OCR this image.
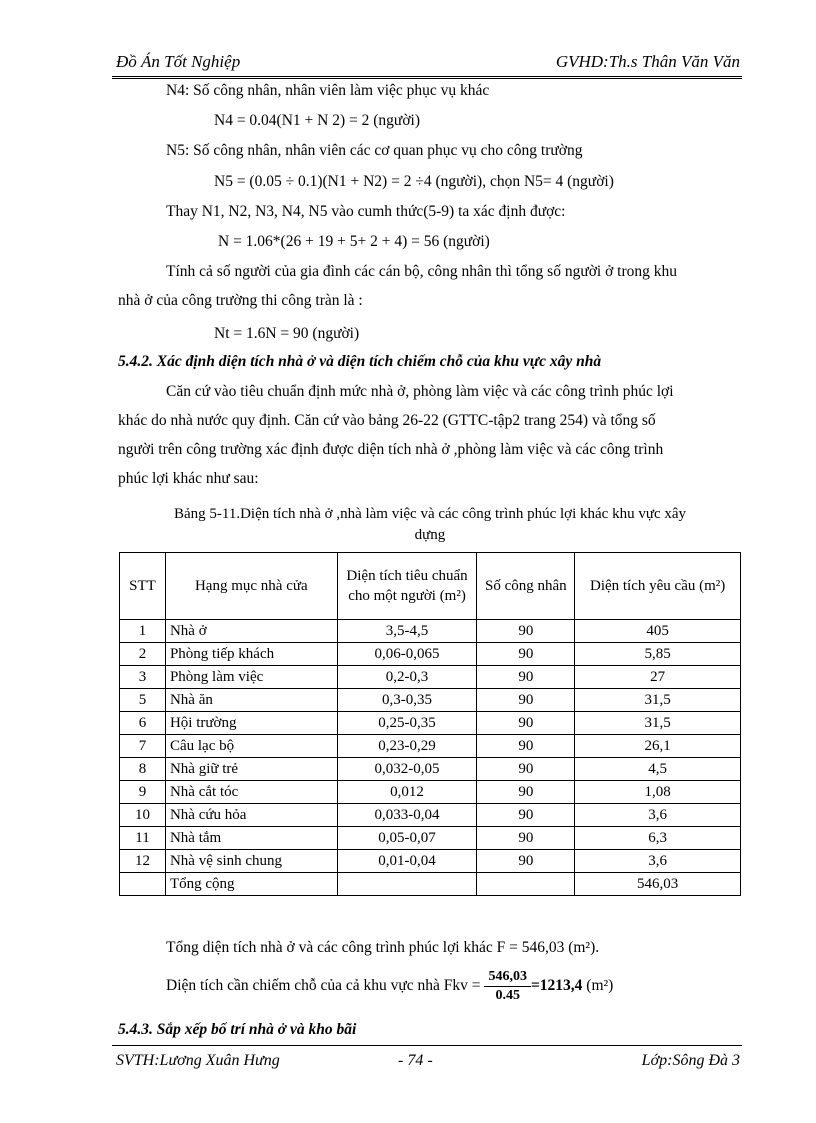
Đồ Án Tốt Nghiệp	GVHD:Th.s Thân Văn Văn
N4: Số công nhân, nhân viên làm việc phục vụ khác
N4 = 0.04(N1 + N 2) = 2 (người)
N5: Số công nhân, nhân viên các cơ quan phục vụ cho công trường
N5 = (0.05 ÷ 0.1)(N1 + N2) = 2 ÷4 (người), chọn N5= 4 (người)
Thay N1, N2, N3, N4, N5 vào cumh thức(5-9) ta xác định được:
N = 1.06*(26 + 19 + 5+ 2 + 4) = 56 (người)
Tính cả số người của gia đình các cán bộ, công nhân thì tổng số người ở trong khu
nhà ở của công trường thi công tràn là :
Nt = 1.6N = 90 (người)
5.4.2. Xác định diện tích nhà ở và diện tích chiếm chỗ của khu vực xây nhà
Căn cứ vào tiêu chuẩn định mức nhà ở, phòng làm việc và các công trình phúc lợi
khác do nhà nước quy định. Căn cứ vào bảng 26-22 (GTTC-tập2 trang 254) và tổng số
người trên công trường xác định được diện tích nhà ở ,phòng làm việc và các công trình
phúc lợi khác như sau:
Bảng 5-11.Diện tích nhà ở ,nhà làm việc và các công trình phúc lợi khác khu vực xây
dựng
STT	Hạng mục nhà cửa	Diện tích tiêu chuẩn cho một người (m²)	Số công nhân	Diện tích yêu cầu (m²)
1	Nhà ở	3,5-4,5	90	405
2	Phòng tiếp khách	0,06-0,065	90	5,85
3	Phòng làm việc	0,2-0,3	90	27
5	Nhà ăn	0,3-0,35	90	31,5
6	Hội trường	0,25-0,35	90	31,5
7	Câu lạc bộ	0,23-0,29	90	26,1
8	Nhà giữ trẻ	0,032-0,05	90	4,5
9	Nhà cắt tóc	0,012	90	1,08
10	Nhà cứu hỏa	0,033-0,04	90	3,6
11	Nhà tắm	0,05-0,07	90	6,3
12	Nhà vệ sinh chung	0,01-0,04	90	3,6
	Tổng cộng			546,03
Tổng diện tích nhà ở và các công trình phúc lợi khác F = 546,03 (m²).
Diện tích cần chiếm chỗ của cả khu vực nhà Fkv = $\frac{546,03}{0.45} =1213,4$ (m²)
5.4.3. Sắp xếp bố trí nhà ở và kho bãi
SVTH:Lương Xuân Hưng	- 74 -	Lớp:Sông Đà 3
